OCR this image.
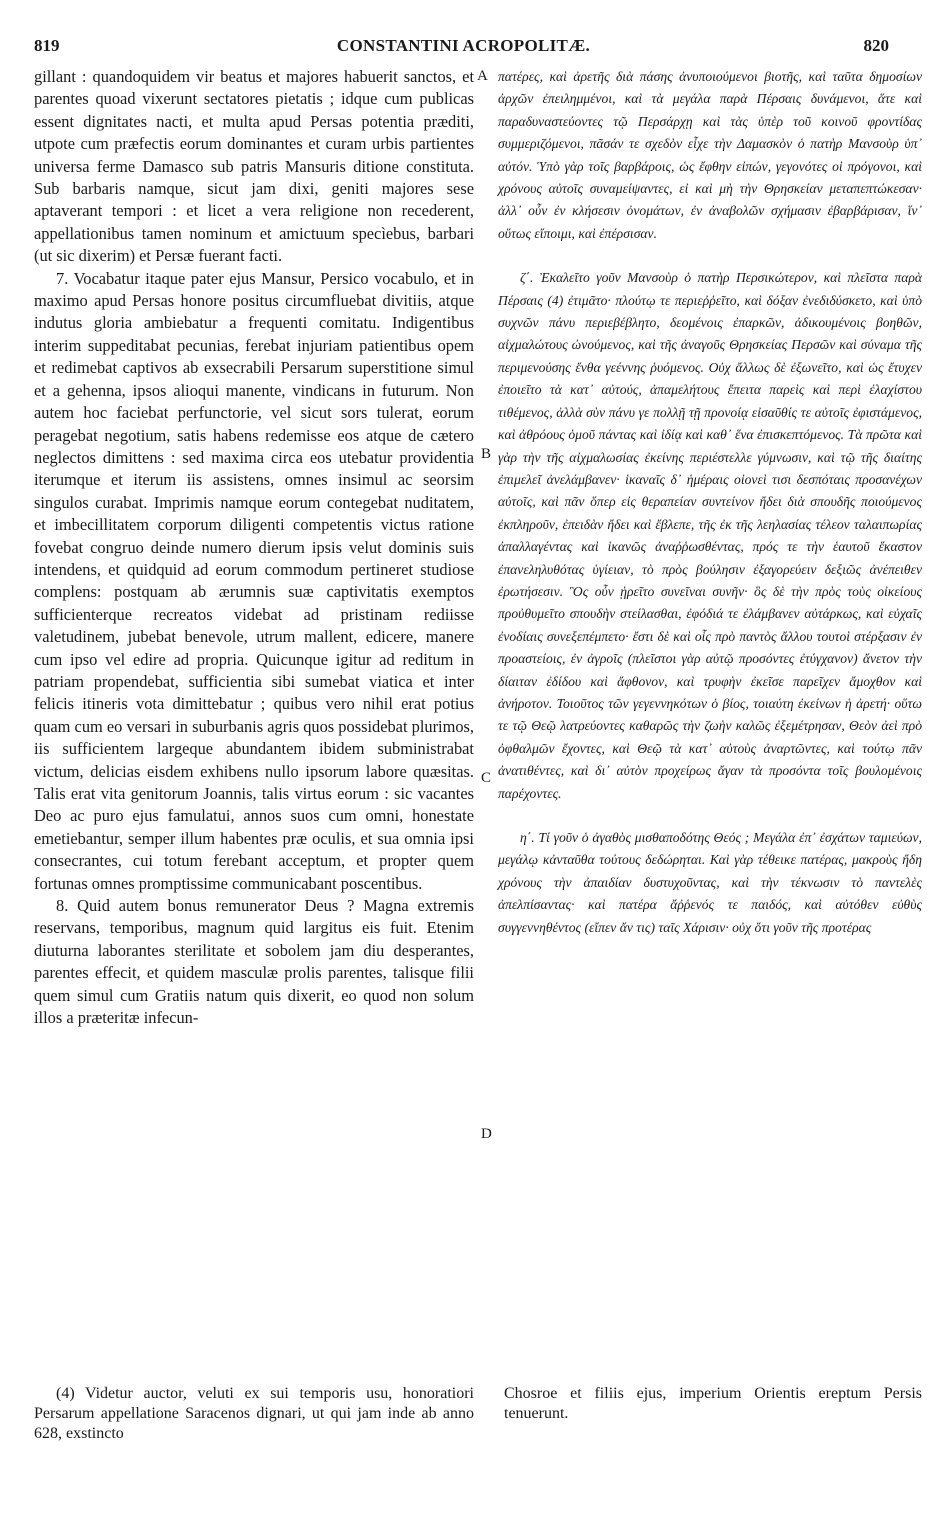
819	CONSTANTINI ACROPOLITÆ.	820

gillant : quandoquidem vir beatus et majores habuerit sanctos, et parentes quoad vixerunt sectatores pietatis ; idque cum publicas essent dignitates nacti, et multa apud Persas potentia præditi, utpote cum præfectis eorum dominantes et curam urbis partientes universa ferme Damasco sub patris Mansuris ditione constituta. Sub barbaris namque, sicut jam dixi, geniti majores sese aptaverant tempori : et licet a vera religione non recederent, appellationibus tamen nominum et amictuum specìebus, barbari (ut sic dixerim) et Persæ fuerant facti.

7. Vocabatur itaque pater ejus Mansur, Persico vocabulo, et in maximo apud Persas honore positus circumfluebat divitiis, atque indutus gloria ambiebatur a frequenti comitatu. Indigentibus interim suppeditabat pecunias, ferebat injuriam patientibus opem et redimebat captivos ab exsecrabili Persarum superstitione simul et a gehenna, ipsos alioqui manente, vindicans in futurum. Non autem hoc faciebat perfunctorie, vel sicut sors tulerat, eorum peragebat negotium, satis habens redemisse eos atque de cætero neglectos dimittens : sed maxima circa eos utebatur providentia iterumque et iterum iis assistens, omnes insimul ac seorsim singulos curabat. Imprimis namque eorum contegebat nuditatem, et imbecillitatem corporum diligenti competentis victus ratione fovebat congruo deinde numero dierum ipsis velut dominis suis intendens, et quidquid ad eorum commodum pertineret studiose complens: postquam ab ærumnis suæ captivitatis exemptos sufficienterque recreatos videbat ad pristinam rediisse valetudinem, jubebat benevole, utrum mallent, edicere, manere cum ipso vel edire ad propria. Quicunque igitur ad reditum in patriam propendebat, sufficientia sibi sumebat viatica et inter felicis itineris vota dimittebatur ; quibus vero nihil erat potius quam cum eo versari in suburbanis agris quos possidebat plurimos, iis sufficientem largeque abundantem ibidem subministrabat victum, delicias eisdem exhibens nullo ipsorum labore quæsitas. Talis erat vita genitorum Joannis, talis virtus eorum : sic vacantes Deo ac puro ejus famulatui, annos suos cum omni, honestate emetiebantur, semper illum habentes præ oculis, et sua omnia ipsi consecrantes, cui totum ferebant acceptum, et propter quem fortunas omnes promptissime communicabant poscentibus.

8. Quid autem bonus remunerator Deus ? Magna extremis reservans, temporibus, magnum quid largitus eis fuit. Etenim diuturna laborantes sterilitate et sobolem jam diu desperantes, parentes effecit, et quidem masculæ prolis parentes, talisque filii quem simul cum Gratiis natum quis dixerit, eo quod non solum illos a præteritæ infecun-

A
B
C
D

πατέρες, καὶ ἀρετῆς διὰ πάσης ἀνυποιούμενοι βιοτῆς, καὶ ταῦτα δημοσίων ἀρχῶν ἐπειλημμένοι, καὶ τὰ μεγάλα παρὰ Πέρσαις δυνάμενοι, ἅτε καὶ παραδυναστεύοντες τῷ Περσάρχῃ καὶ τὰς ὑπὲρ τοῦ κοινοῦ φροντίδας συμμεριζόμενοι, πᾶσάν τε σχεδὸν εἶχε τὴν Δαμασκὸν ὁ πατὴρ Μανσοὺρ ὑπ᾽ αὐτόν. Ὑπὸ γὰρ τοῖς βαρβάροις, ὡς ἔφθην εἰπών, γεγονότες οἱ πρόγονοι, καὶ χρόνους αὐτοῖς συναμείψαντες, εἰ καὶ μὴ τὴν Θρησκείαν μεταπεπτώκεσαν· ἀλλ᾽ οὖν ἐν κλήσεσιν ὀνομάτων, ἐν ἀναβολῶν σχήμασιν ἐβαρβάρισαν, ἵν᾽ οὕτως εἴποιμι, καὶ ἐπέρσισαν.

ζ΄. Ἐκαλεῖτο γοῦν Μανσοὺρ ὁ πατὴρ Περσικώτερον, καὶ πλεῖστα παρὰ Πέρσαις (4) ἐτιμᾶτο· πλούτῳ τε περιεῤῥεῖτο, καὶ δόξαν ἐνεδιδύσκετο, καὶ ὑπὸ συχνῶν πάνυ περιεβέβλητο, δεομένοις ἐπαρκῶν, ἀδικουμένοις βοηθῶν, αἰχμαλώτους ὠνούμενος, καὶ τῆς ἀναγοῦς Θρησκείας Περσῶν καὶ σύναμα τῆς περιμενούσης ἔνθα γεέννης ῥυόμενος. Οὐχ ἄλλως δὲ ἐξωνεῖτο, καὶ ὡς ἔτυχεν ἐποιεῖτο τὰ κατ᾽ αὐτούς, ἀπαμελήτους ἔπειτα παρεὶς καὶ περὶ ἐλαχίστου τιθέμενος, ἀλλὰ σὺν πάνυ γε πολλῇ τῇ προνοίᾳ εἰσαῦθίς τε αὐτοῖς ἐφιστάμενος, καὶ ἀθρόους ὁμοῦ πάντας καὶ ἰδίᾳ καὶ καθ᾽ ἕνα ἐπισκεπτόμενος. Τὰ πρῶτα καὶ γὰρ τὴν τῆς αἰχμαλωσίας ἐκείνης περιέστελλε γύμνωσιν, καὶ τῷ τῆς διαίτης ἐπιμελεῖ ἀνελάμβανεν· ἱκαναῖς δ᾽ ἡμέραις οἱονεὶ τισι δεσπόταις προσανέχων αὐτοῖς, καὶ πᾶν ὅπερ εἰς θεραπείαν συντείνον ἤδει διὰ σπουδῆς ποιούμενος ἐκπληροῦν, ἐπειδὰν ἤδει καὶ ἔβλεπε, τῆς ἐκ τῆς λεηλασίας τέλεον ταλαιπωρίας ἀπαλλαγέντας καὶ ἱκανῶς ἀναῤῥωσθέντας, πρός τε τὴν ἑαυτοῦ ἕκαστον ἐπανεληλυθότας ὑγίειαν, τὸ πρὸς βούλησιν ἐξαγορεύειν δεξιῶς ἀνέπειθεν ἐρωτήσεσιν. Ὃς οὖν ᾑρεῖτο συνεῖναι συνῆν· ὃς δὲ τὴν πρὸς τοὺς οἰκείους προὐθυμεῖτο σπουδὴν στείλασθαι, ἐφόδιά τε ἐλάμβανεν αὐτάρκως, καὶ εὐχαῖς ἐνοδίαις συνεξεπέμπετο· ἔστι δὲ καὶ οἷς πρὸ παντὸς ἄλλου τουτοὶ στέρξασιν ἐν προαστείοις, ἐν ἀγροῖς (πλεῖστοι γὰρ αὐτῷ προσόντες ἐτύγχανον) ἄνετον τὴν δίαιταν ἐδίδου καὶ ἄφθονον, καὶ τρυφὴν ἐκεῖσε παρεῖχεν ἄμοχθον καὶ ἀνήροτον. Τοιοῦτος τῶν γεγεννηκότων ὁ βίος, τοιαύτη ἐκείνων ἡ ἀρετή· οὕτω τε τῷ Θεῷ λατρεύοντες καθαρῶς τὴν ζωὴν καλῶς ἐξεμέτρησαν, Θεὸν ἀεὶ πρὸ ὀφθαλμῶν ἔχοντες, καὶ Θεῷ τὰ κατ᾽ αὐτοὺς ἀναρτῶντες, καὶ τούτῳ πᾶν ἀνατιθέντες, καὶ δι᾽ αὐτὸν προχείρως ἄγαν τὰ προσόντα τοῖς βουλομένοις παρέχοντες.

η΄. Τί γοῦν ὁ ἀγαθὸς μισθαποδότης Θεός ; Μεγάλα ἐπ᾽ ἐσχάτων ταμιεύων, μεγάλῳ κἀνταῦθα τούτους δεδώρηται. Καὶ γὰρ τέθεικε πατέρας, μακροὺς ἤδη χρόνους τὴν ἀπαιδίαν δυστυχοῦντας, καὶ τὴν τέκνωσιν τὸ παντελὲς ἀπελπίσαντας· καὶ πατέρα ἄῤῥενός τε παιδός, καὶ αὐτόθεν εὐθὺς συγγεννηθέντος (εἴπεν ἄν τις) ταῖς Χάρισιν· οὐχ ὅτι γοῦν τῆς προτέρας

(4) Videtur auctor, veluti ex sui temporis usu, honoratiori Persarum appellatione Saracenos dignari, ut qui jam inde ab anno 628, exstincto

Chosroe et filiis ejus, imperium Orientis ereptum Persis tenuerunt.
